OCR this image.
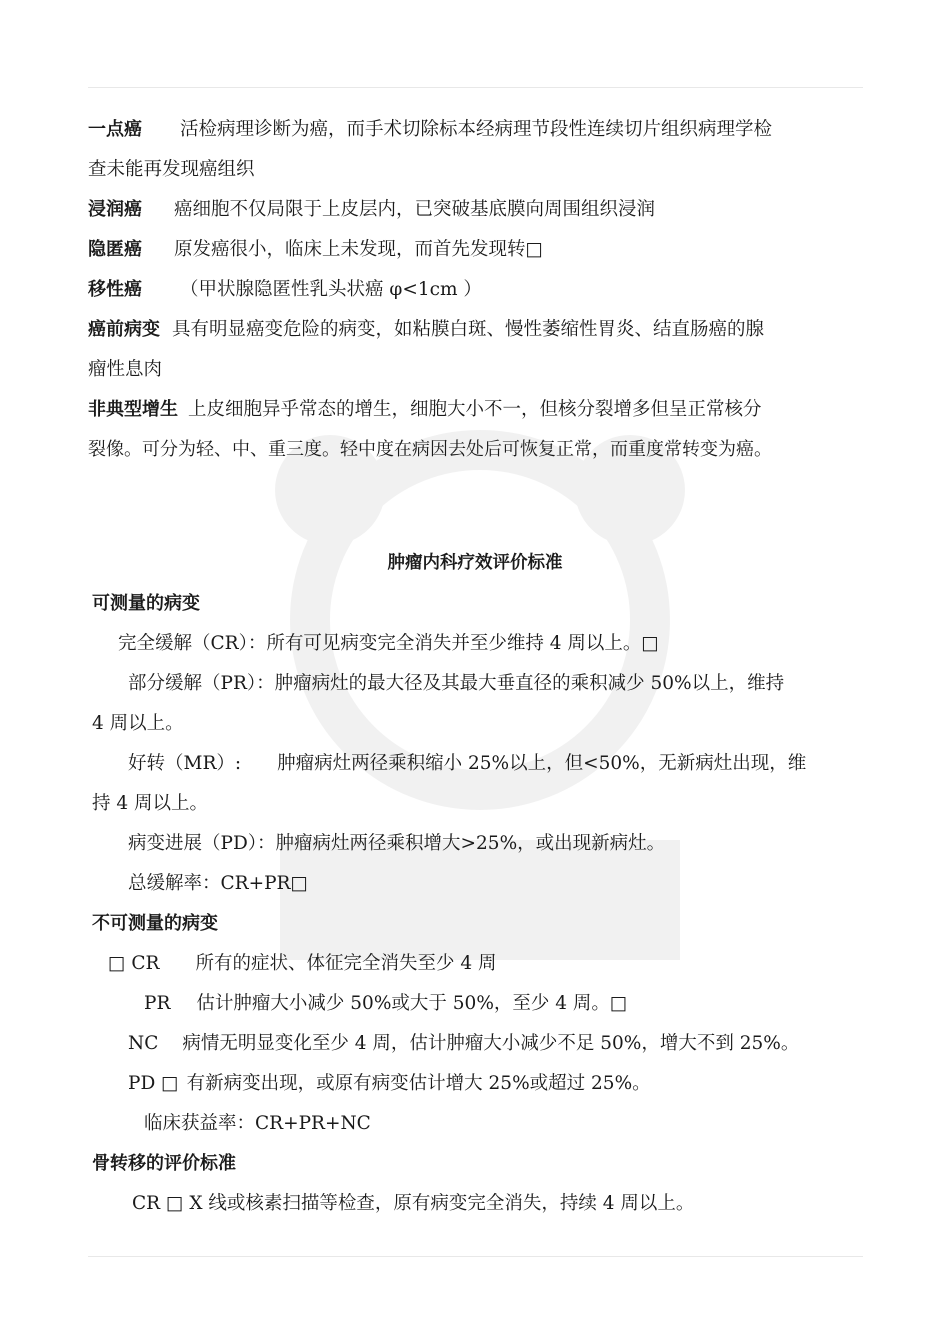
一点癌 活检病理诊断为癌，而手术切除标本经病理节段性连续切片组织病理学检
查未能再发现癌组织
浸润癌 癌细胞不仅局限于上皮层内，已突破基底膜向周围组织浸润
隐匿癌 原发癌很小，临床上未发现，而首先发现转□
移性癌 （甲状腺隐匿性乳头状癌 φ<1cm ）
癌前病变 具有明显癌变危险的病变，如粘膜白斑、慢性萎缩性胃炎、结直肠癌的腺
瘤性息肉
非典型增生 上皮细胞异乎常态的增生，细胞大小不一，但核分裂增多但呈正常核分
裂像。可分为轻、中、重三度。轻中度在病因去处后可恢复正常，而重度常转变为癌。
肿瘤内科疗效评价标准
可测量的病变
完全缓解（CR）：所有可见病变完全消失并至少维持 4 周以上。□
部分缓解（PR）：肿瘤病灶的最大径及其最大垂直径的乘积减少 50%以上，维持
4 周以上。
好转（MR）: 肿瘤病灶两径乘积缩小 25%以上，但<50%，无新病灶出现，维
持 4 周以上。
病变进展（PD）：肿瘤病灶两径乘积增大>25%，或出现新病灶。
总缓解率：CR+PR□
不可测量的病变
□ CR 所有的症状、体征完全消失至少 4 周
PR 估计肿瘤大小减少 50%或大于 50%，至少 4 周。□
NC 病情无明显变化至少 4 周，估计肿瘤大小减少不足 50%，增大不到 25%。
PD □ 有新病变出现，或原有病变估计增大 25%或超过 25%。
临床获益率：CR+PR+NC
骨转移的评价标准
CR □ X 线或核素扫描等检查，原有病变完全消失，持续 4 周以上。
